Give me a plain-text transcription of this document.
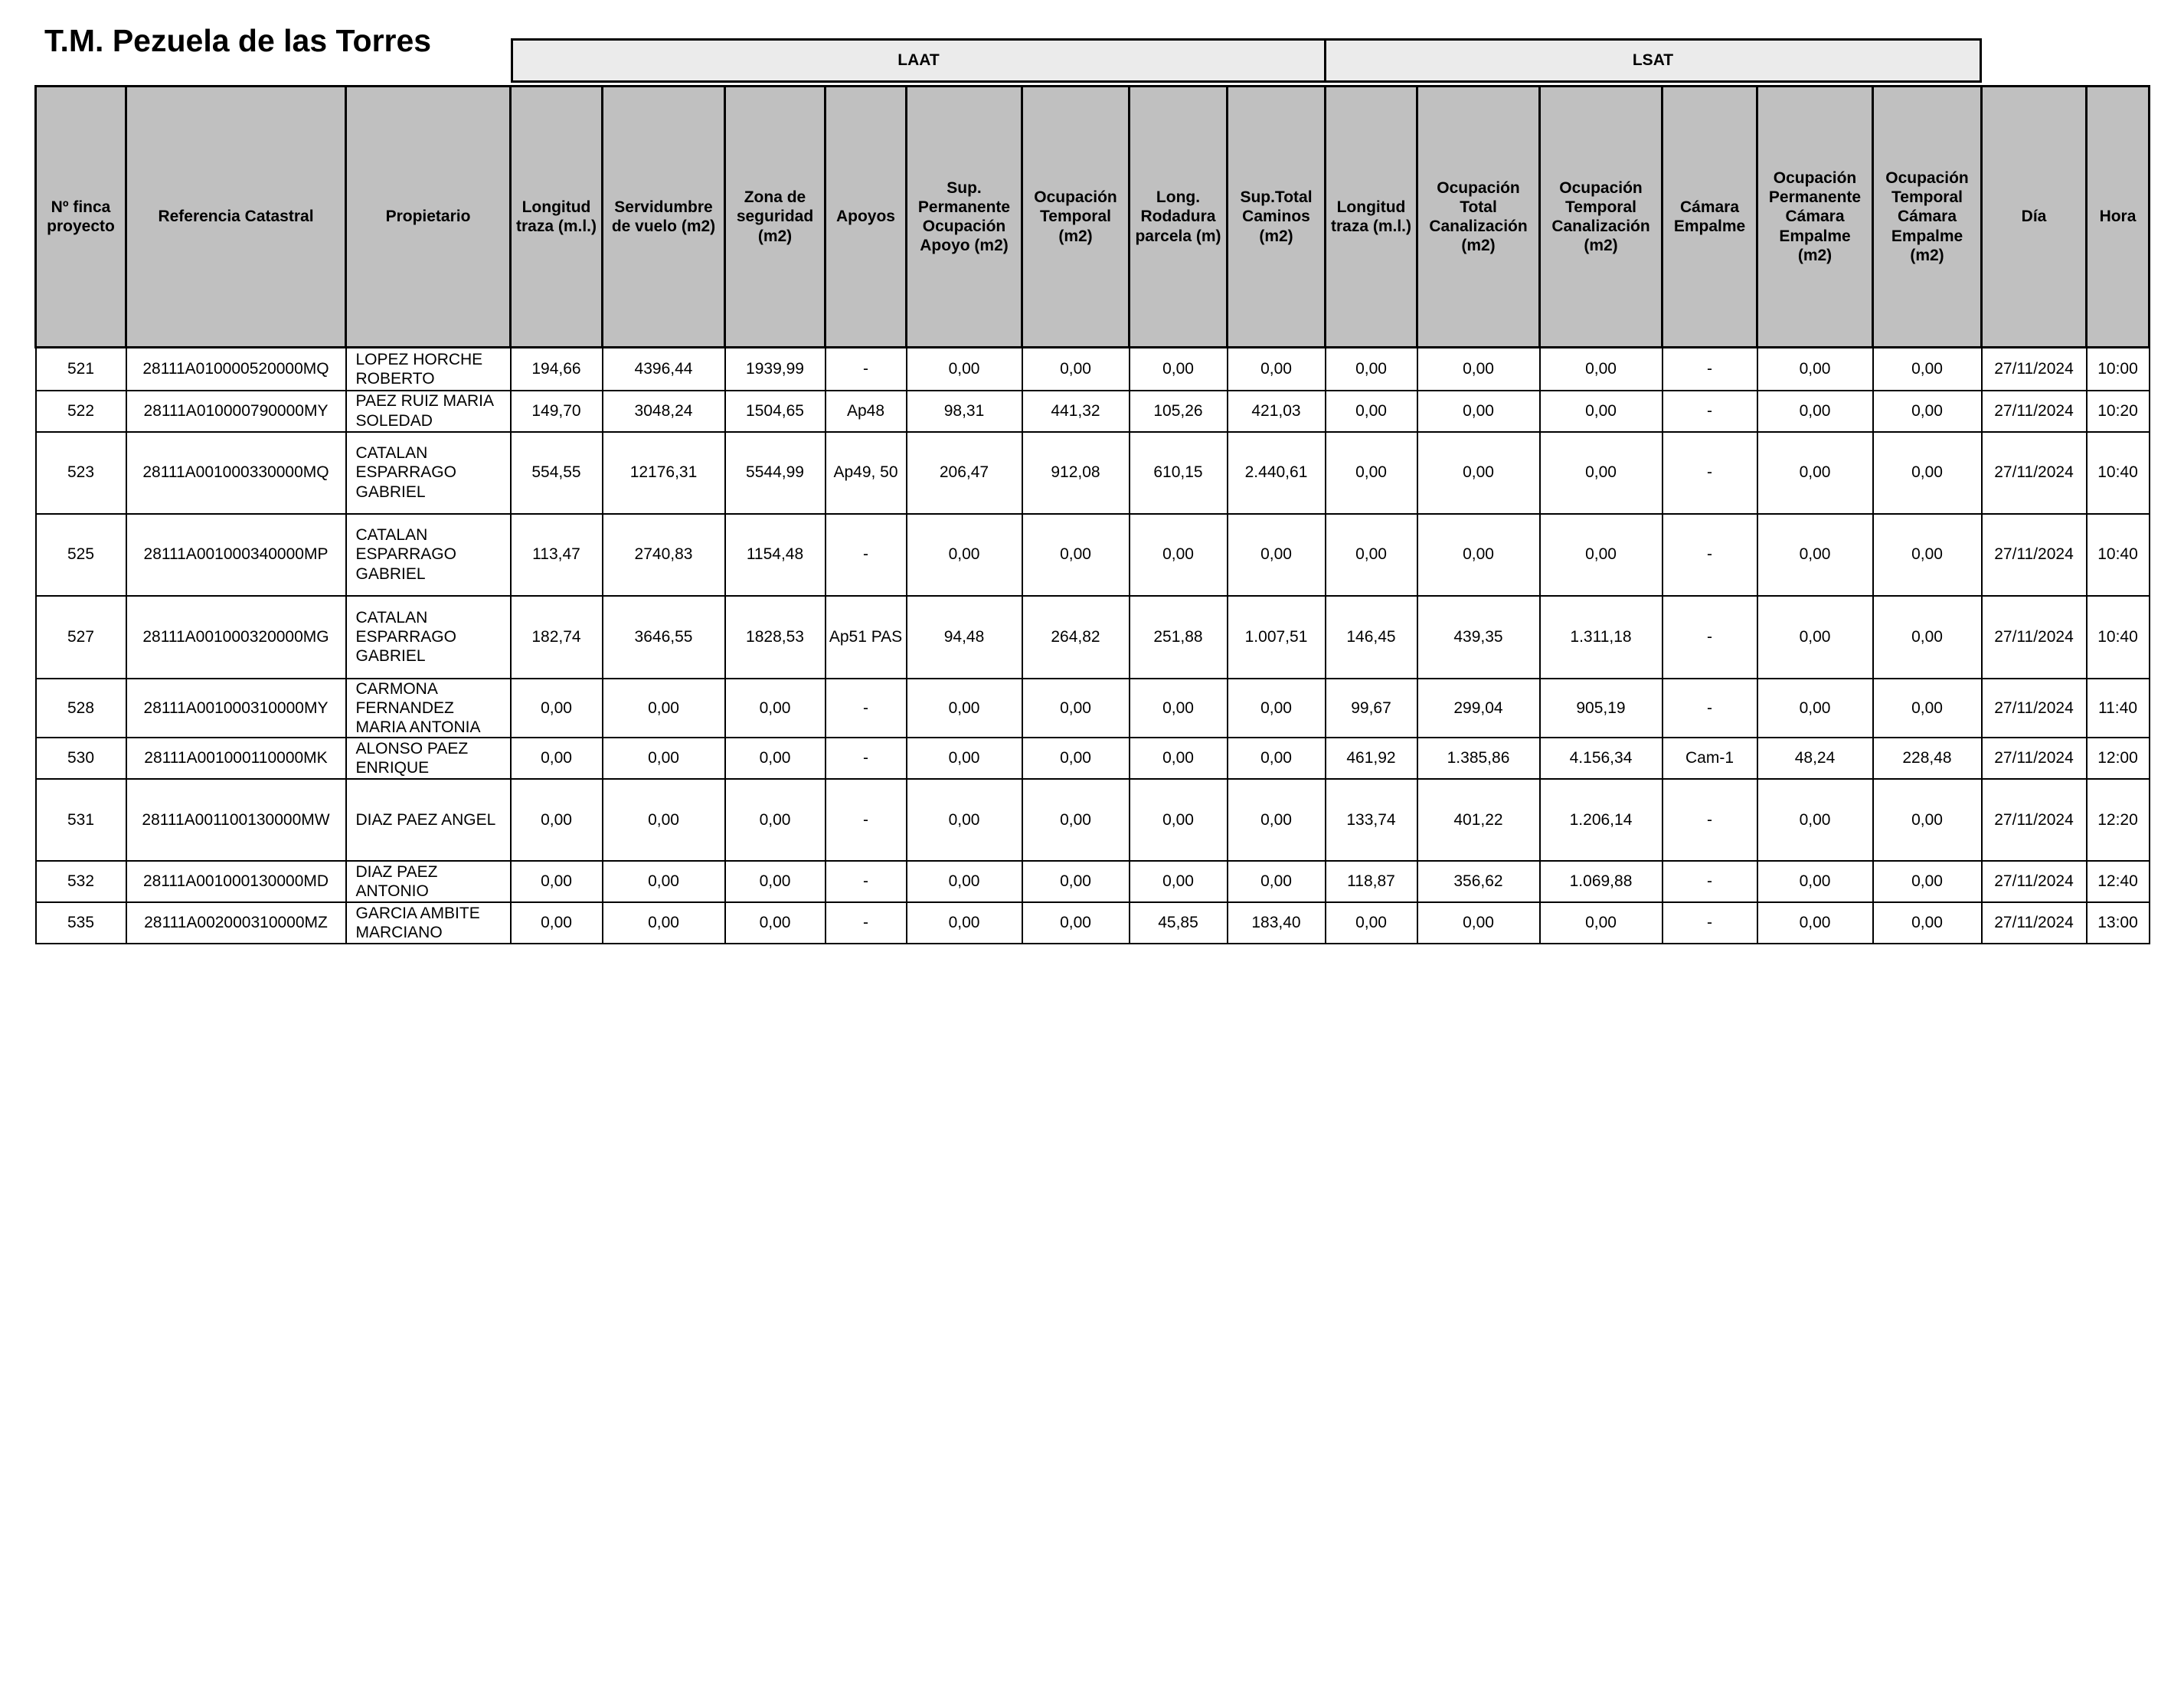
T.M. Pezuela de las Torres
LAAT	LSAT
Nº finca proyecto	Referencia Catastral	Propietario	Longitud traza (m.l.)	Servidumbre de vuelo (m2)	Zona de seguridad (m2)	Apoyos	Sup. Permanente Ocupación Apoyo (m2)	Ocupación Temporal (m2)	Long. Rodadura parcela (m)	Sup.Total Caminos (m2)	Longitud traza (m.l.)	Ocupación Total Canalización (m2)	Ocupación Temporal Canalización (m2)	Cámara Empalme	Ocupación Permanente Cámara Empalme (m2)	Ocupación Temporal Cámara Empalme (m2)	Día	Hora
521	28111A010000520000MQ	LOPEZ HORCHE ROBERTO	194,66	4396,44	1939,99	-	0,00	0,00	0,00	0,00	0,00	0,00	0,00	-	0,00	0,00	27/11/2024	10:00
522	28111A010000790000MY	PAEZ RUIZ MARIA SOLEDAD	149,70	3048,24	1504,65	Ap48	98,31	441,32	105,26	421,03	0,00	0,00	0,00	-	0,00	0,00	27/11/2024	10:20
523	28111A001000330000MQ	CATALAN ESPARRAGO GABRIEL	554,55	12176,31	5544,99	Ap49, 50	206,47	912,08	610,15	2.440,61	0,00	0,00	0,00	-	0,00	0,00	27/11/2024	10:40
525	28111A001000340000MP	CATALAN ESPARRAGO GABRIEL	113,47	2740,83	1154,48	-	0,00	0,00	0,00	0,00	0,00	0,00	0,00	-	0,00	0,00	27/11/2024	10:40
527	28111A001000320000MG	CATALAN ESPARRAGO GABRIEL	182,74	3646,55	1828,53	Ap51 PAS	94,48	264,82	251,88	1.007,51	146,45	439,35	1.311,18	-	0,00	0,00	27/11/2024	10:40
528	28111A001000310000MY	CARMONA FERNANDEZ MARIA ANTONIA	0,00	0,00	0,00	-	0,00	0,00	0,00	0,00	99,67	299,04	905,19	-	0,00	0,00	27/11/2024	11:40
530	28111A001000110000MK	ALONSO PAEZ ENRIQUE	0,00	0,00	0,00	-	0,00	0,00	0,00	0,00	461,92	1.385,86	4.156,34	Cam-1	48,24	228,48	27/11/2024	12:00
531	28111A001100130000MW	DIAZ PAEZ ANGEL	0,00	0,00	0,00	-	0,00	0,00	0,00	0,00	133,74	401,22	1.206,14	-	0,00	0,00	27/11/2024	12:20
532	28111A001000130000MD	DIAZ PAEZ ANTONIO	0,00	0,00	0,00	-	0,00	0,00	0,00	0,00	118,87	356,62	1.069,88	-	0,00	0,00	27/11/2024	12:40
535	28111A002000310000MZ	GARCIA AMBITE MARCIANO	0,00	0,00	0,00	-	0,00	0,00	45,85	183,40	0,00	0,00	0,00	-	0,00	0,00	27/11/2024	13:00
